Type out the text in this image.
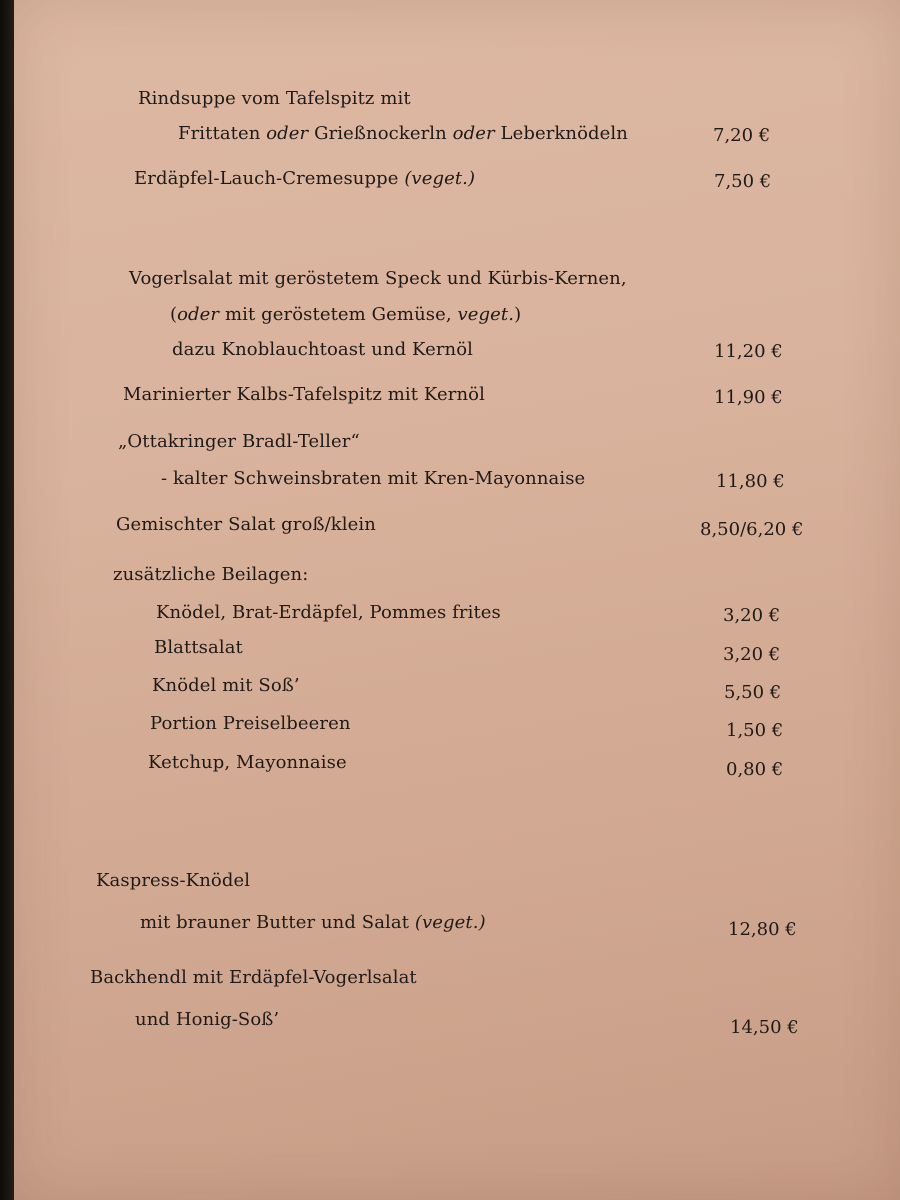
Rindsuppe vom Tafelspitz mit
Frittaten oder Grießnockerln oder Leberknödeln	7,20 €
Erdäpfel-Lauch-Cremesuppe (veget.)	7,50 €
Vogerlsalat mit geröstetem Speck und Kürbis-Kernen,
(oder mit geröstetem Gemüse, veget.)
dazu Knoblauchtoast und Kernöl	11,20 €
Marinierter Kalbs-Tafelspitz mit Kernöl	11,90 €
„Ottakringer Bradl-Teller“
- kalter Schweinsbraten mit Kren-Mayonnaise	11,80 €
Gemischter Salat groß/klein	8,50/6,20 €
zusätzliche Beilagen:
Knödel, Brat-Erdäpfel, Pommes frites	3,20 €
Blattsalat	3,20 €
Knödel mit Soß’	5,50 €
Portion Preiselbeeren	1,50 €
Ketchup, Mayonnaise	0,80 €
Kaspress-Knödel
mit brauner Butter und Salat (veget.)	12,80 €
Backhendl mit Erdäpfel-Vogerlsalat
und Honig-Soß’	14,50 €
